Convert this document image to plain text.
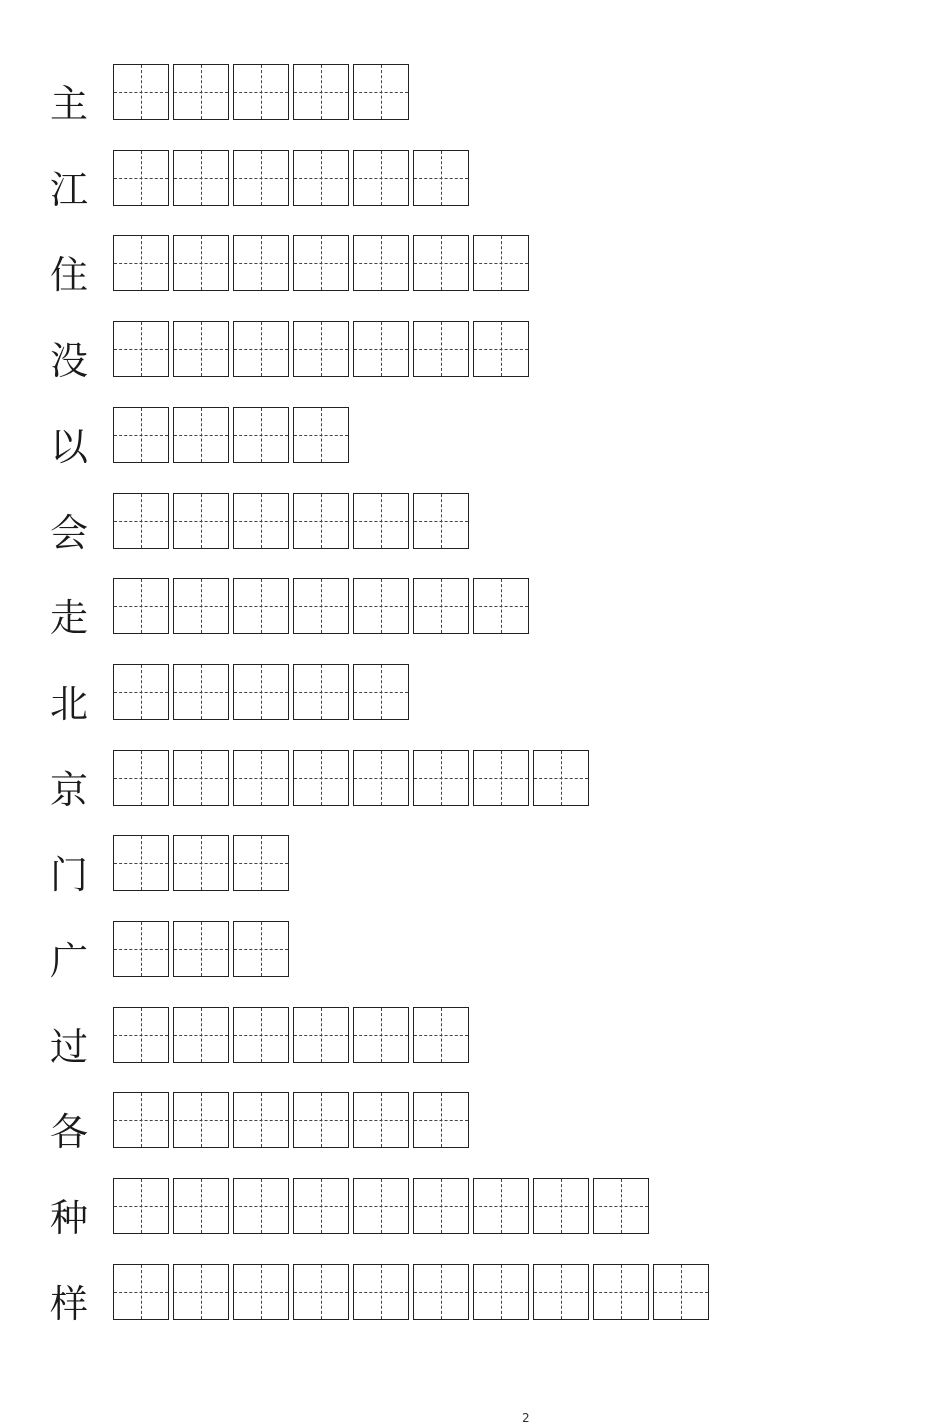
主
江
住
没
以
会
走
北
京
门
广
过
各
种
样
2
